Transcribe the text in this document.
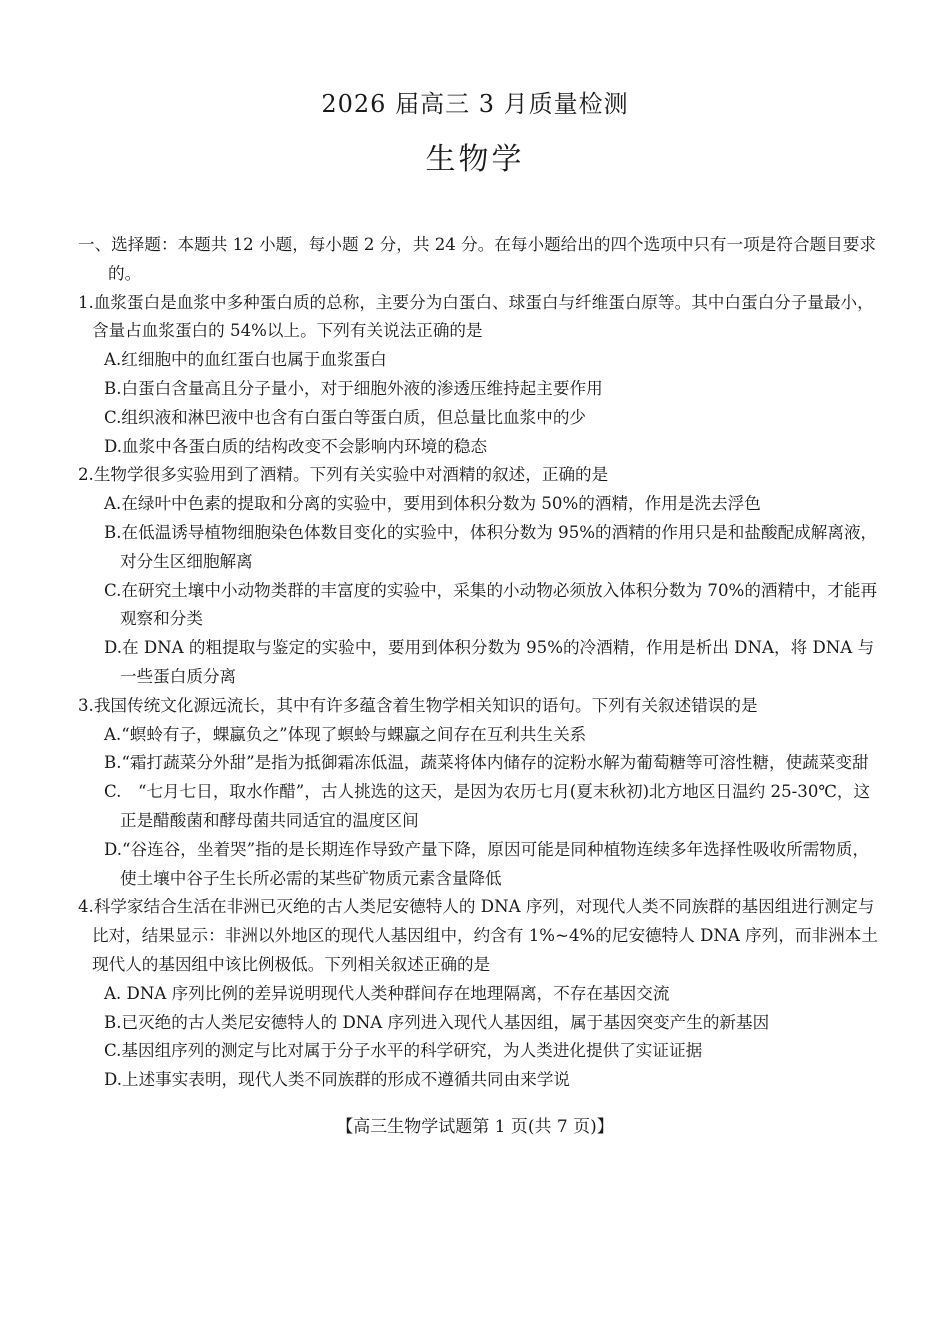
2026 届高三 3 月质量检测
生物学

一、选择题：本题共 12 小题，每小题 2 分，共 24 分。在每小题给出的四个选项中只有一项是符合题目要求的。

1.血浆蛋白是血浆中多种蛋白质的总称，主要分为白蛋白、球蛋白与纤维蛋白原等。其中白蛋白分子量最小，含量占血浆蛋白的 54%以上。下列有关说法正确的是

A.红细胞中的血红蛋白也属于血浆蛋白

B.白蛋白含量高且分子量小，对于细胞外液的渗透压维持起主要作用

C.组织液和淋巴液中也含有白蛋白等蛋白质，但总量比血浆中的少

D.血浆中各蛋白质的结构改变不会影响内环境的稳态

2.生物学很多实验用到了酒精。下列有关实验中对酒精的叙述，正确的是

A.在绿叶中色素的提取和分离的实验中，要用到体积分数为 50%的酒精，作用是洗去浮色

B.在低温诱导植物细胞染色体数目变化的实验中，体积分数为 95%的酒精的作用只是和盐酸配成解离液，对分生区细胞解离

C.在研究土壤中小动物类群的丰富度的实验中，采集的小动物必须放入体积分数为 70%的酒精中，才能再观察和分类

D.在 DNA 的粗提取与鉴定的实验中，要用到体积分数为 95%的冷酒精，作用是析出 DNA，将 DNA 与一些蛋白质分离

3.我国传统文化源远流长，其中有许多蕴含着生物学相关知识的语句。下列有关叙述错误的是

A.“螟蛉有子，蜾蠃负之”体现了螟蛉与蜾蠃之间存在互利共生关系

B.“霜打蔬菜分外甜”是指为抵御霜冻低温，蔬菜将体内储存的淀粉水解为葡萄糖等可溶性糖，使蔬菜变甜

C.　“七月七日，取水作醋”，古人挑选的这天，是因为农历七月(夏末秋初)北方地区日温约 25-30℃，这正是醋酸菌和酵母菌共同适宜的温度区间

D.“谷连谷，坐着哭”指的是长期连作导致产量下降，原因可能是同种植物连续多年选择性吸收所需物质，使土壤中谷子生长所必需的某些矿物质元素含量降低

4.科学家结合生活在非洲已灭绝的古人类尼安德特人的 DNA 序列，对现代人类不同族群的基因组进行测定与比对，结果显示：非洲以外地区的现代人基因组中，约含有 1%~4%的尼安德特人 DNA 序列，而非洲本土现代人的基因组中该比例极低。下列相关叙述正确的是

A. DNA 序列比例的差异说明现代人类种群间存在地理隔离，不存在基因交流

B.已灭绝的古人类尼安德特人的 DNA 序列进入现代人基因组，属于基因突变产生的新基因

C.基因组序列的测定与比对属于分子水平的科学研究，为人类进化提供了实证证据

D.上述事实表明，现代人类不同族群的形成不遵循共同由来学说

【高三生物学试题第 1 页(共 7 页)】
